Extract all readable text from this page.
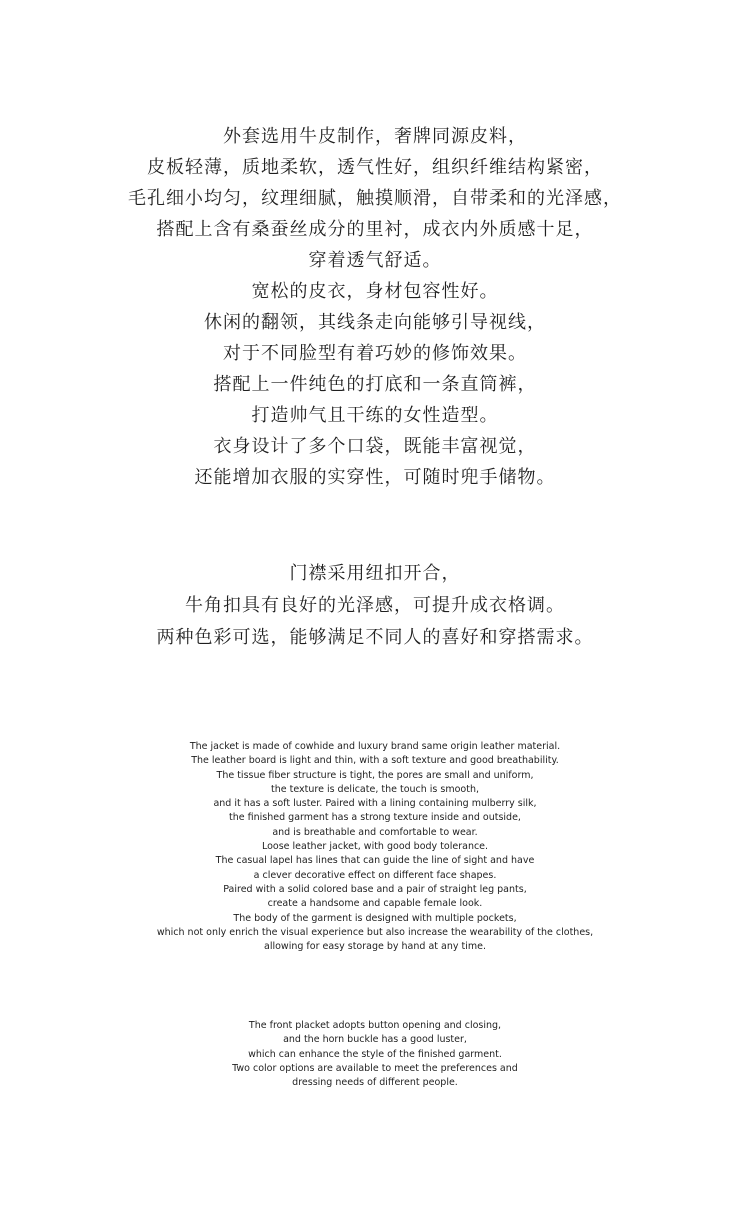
外套选用牛皮制作，奢牌同源皮料，
皮板轻薄，质地柔软，透气性好，组织纤维结构紧密，
毛孔细小均匀，纹理细腻，触摸顺滑，自带柔和的光泽感，
搭配上含有桑蚕丝成分的里衬，成衣内外质感十足，
穿着透气舒适。
宽松的皮衣，身材包容性好。
休闲的翻领，其线条走向能够引导视线，
对于不同脸型有着巧妙的修饰效果。
搭配上一件纯色的打底和一条直筒裤，
打造帅气且干练的女性造型。
衣身设计了多个口袋，既能丰富视觉，
还能增加衣服的实穿性，可随时兜手储物。
门襟采用纽扣开合，
牛角扣具有良好的光泽感，可提升成衣格调。
两种色彩可选，能够满足不同人的喜好和穿搭需求。
The jacket is made of cowhide and luxury brand same origin leather material.
The leather board is light and thin, with a soft texture and good breathability.
The tissue fiber structure is tight, the pores are small and uniform,
the texture is delicate, the touch is smooth,
and it has a soft luster. Paired with a lining containing mulberry silk,
the finished garment has a strong texture inside and outside,
and is breathable and comfortable to wear.
Loose leather jacket, with good body tolerance.
The casual lapel has lines that can guide the line of sight and have
a clever decorative effect on different face shapes.
Paired with a solid colored base and a pair of straight leg pants,
create a handsome and capable female look.
The body of the garment is designed with multiple pockets,
which not only enrich the visual experience but also increase the wearability of the clothes,
allowing for easy storage by hand at any time.
The front placket adopts button opening and closing,
and the horn buckle has a good luster,
which can enhance the style of the finished garment.
Two color options are available to meet the preferences and
dressing needs of different people.
